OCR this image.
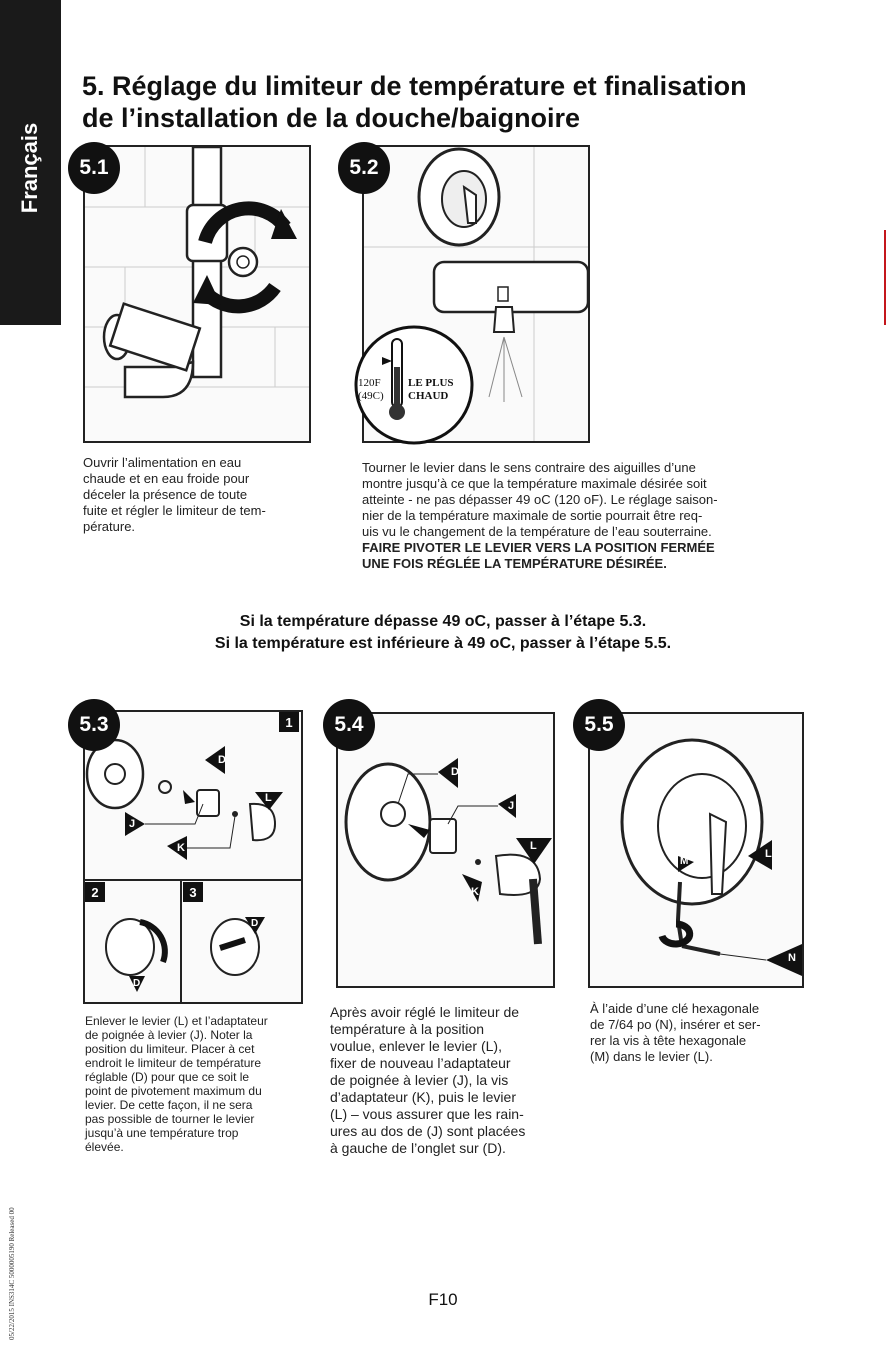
Français
5. Réglage du limiteur de température et finalisation
de l’installation de la douche/baignoire
5.1
Ouvrir l’alimentation en eau
chaude et en eau froide pour
déceler la présence de toute
fuite et régler le limiteur de tem-
pérature.
5.2
120F
(49C)
LE PLUS
CHAUD
Tourner le levier dans le sens contraire des aiguilles d’une
montre jusqu’à ce que la température maximale désirée soit
atteinte - ne pas dépasser 49 oC (120 oF). Le réglage saison-
nier de la température maximale de sortie pourrait être req-
uis vu le changement de la température de l’eau souterraine.
FAIRE PIVOTER LE LEVIER VERS LA POSITION FERMÉE
UNE FOIS RÉGLÉE LA TEMPÉRATURE DÉSIRÉE.
Si la température dépasse 49 oC, passer à l’étape 5.3.
Si la température est inférieure à 49 oC, passer à l’étape 5.5.
5.3	1
2	3
D
J
K
L
D
D
Enlever le levier (L) et l’adaptateur
de poignée à levier (J). Noter la
position du limiteur. Placer à cet
endroit le limiteur de température
réglable (D) pour que ce soit le
point de pivotement maximum du
levier. De cette façon, il ne sera
pas possible de tourner le levier
jusqu’à une température trop
élevée.
5.4
D
J
L
K
Après avoir réglé le limiteur de
température à la position
voulue, enlever le levier (L),
fixer de nouveau l’adaptateur
de poignée à levier (J), la vis
d’adaptateur (K), puis le levier
(L) – vous assurer que les rain-
ures au dos de (J) sont placées
à gauche de l’onglet sur (D).
5.5
L
M
N
À l’aide d’une clé hexagonale
de 7/64 po (N), insérer et ser-
rer la vis à tête hexagonale
(M) dans le levier (L).
F10
05/22/2015 INS314C 5000005190 Released 00
